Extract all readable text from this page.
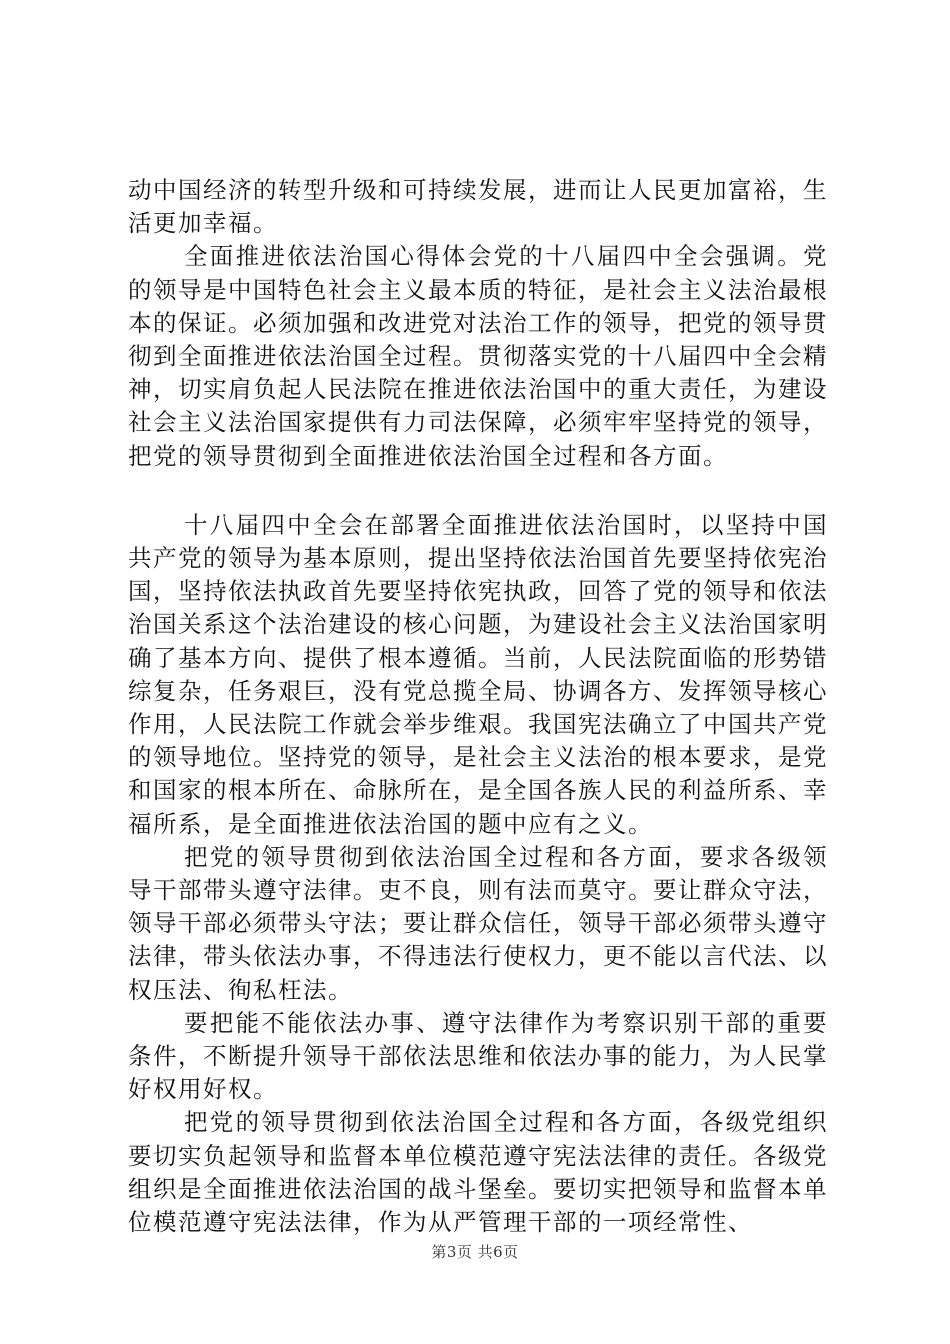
动中国经济的转型升级和可持续发展，进而让人民更加富裕，生活更加幸福。

全面推进依法治国心得体会党的十八届四中全会强调。党的领导是中国特色社会主义最本质的特征，是社会主义法治最根本的保证。必须加强和改进党对法治工作的领导，把党的领导贯彻到全面推进依法治国全过程。贯彻落实党的十八届四中全会精神，切实肩负起人民法院在推进依法治国中的重大责任，为建设社会主义法治国家提供有力司法保障，必须牢牢坚持党的领导，把党的领导贯彻到全面推进依法治国全过程和各方面。

十八届四中全会在部署全面推进依法治国时，以坚持中国共产党的领导为基本原则，提出坚持依法治国首先要坚持依宪治国，坚持依法执政首先要坚持依宪执政，回答了党的领导和依法治国关系这个法治建设的核心问题，为建设社会主义法治国家明确了基本方向、提供了根本遵循。当前，人民法院面临的形势错综复杂，任务艰巨，没有党总揽全局、协调各方、发挥领导核心作用，人民法院工作就会举步维艰。我国宪法确立了中国共产党的领导地位。坚持党的领导，是社会主义法治的根本要求，是党和国家的根本所在、命脉所在，是全国各族人民的利益所系、幸福所系，是全面推进依法治国的题中应有之义。

把党的领导贯彻到依法治国全过程和各方面，要求各级领导干部带头遵守法律。吏不良，则有法而莫守。要让群众守法，领导干部必须带头守法；要让群众信任，领导干部必须带头遵守法律，带头依法办事，不得违法行使权力，更不能以言代法、以权压法、徇私枉法。

要把能不能依法办事、遵守法律作为考察识别干部的重要条件，不断提升领导干部依法思维和依法办事的能力，为人民掌好权用好权。

把党的领导贯彻到依法治国全过程和各方面，各级党组织要切实负起领导和监督本单位模范遵守宪法法律的责任。各级党组织是全面推进依法治国的战斗堡垒。要切实把领导和监督本单位模范遵守宪法法律，作为从严管理干部的一项经常性、

第3页 共6页
